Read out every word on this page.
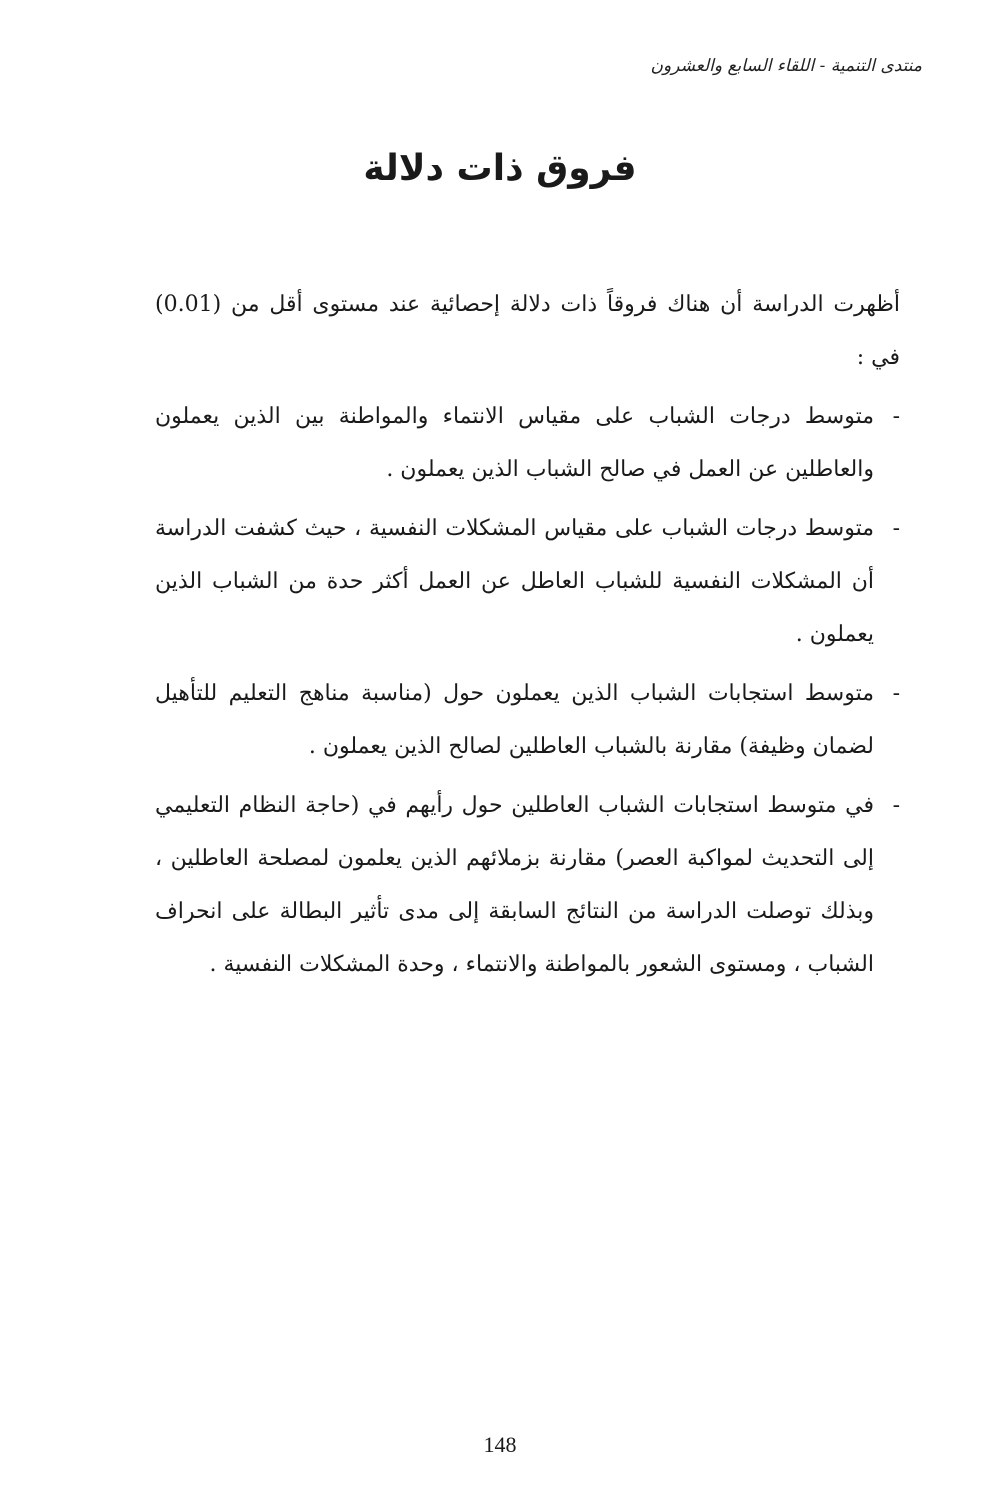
منتدى التنمية - اللقاء السابع والعشرون
فروق ذات دلالة

أظهرت الدراسة أن هناك فروقاً ذات دلالة إحصائية عند مستوى أقل من (0.01) في :

-
متوسط درجات الشباب على مقياس الانتماء والمواطنة بين الذين يعملون والعاطلين عن العمل في صالح الشباب الذين يعملون .
-
متوسط درجات الشباب على مقياس المشكلات النفسية ، حيث كشفت الدراسة أن المشكلات النفسية للشباب العاطل عن العمل أكثر حدة من الشباب الذين يعملون .
-
متوسط استجابات الشباب الذين يعملون حول (مناسبة مناهج التعليم للتأهيل لضمان وظيفة) مقارنة بالشباب العاطلين لصالح الذين يعملون .
-
في متوسط استجابات الشباب العاطلين حول رأيهم في (حاجة النظام التعليمي إلى التحديث لمواكبة العصر) مقارنة بزملائهم الذين يعلمون لمصلحة العاطلين ، وبذلك توصلت الدراسة من النتائج السابقة إلى مدى تأثير البطالة على انحراف الشباب ، ومستوى الشعور بالمواطنة والانتماء ، وحدة المشكلات النفسية .
148
